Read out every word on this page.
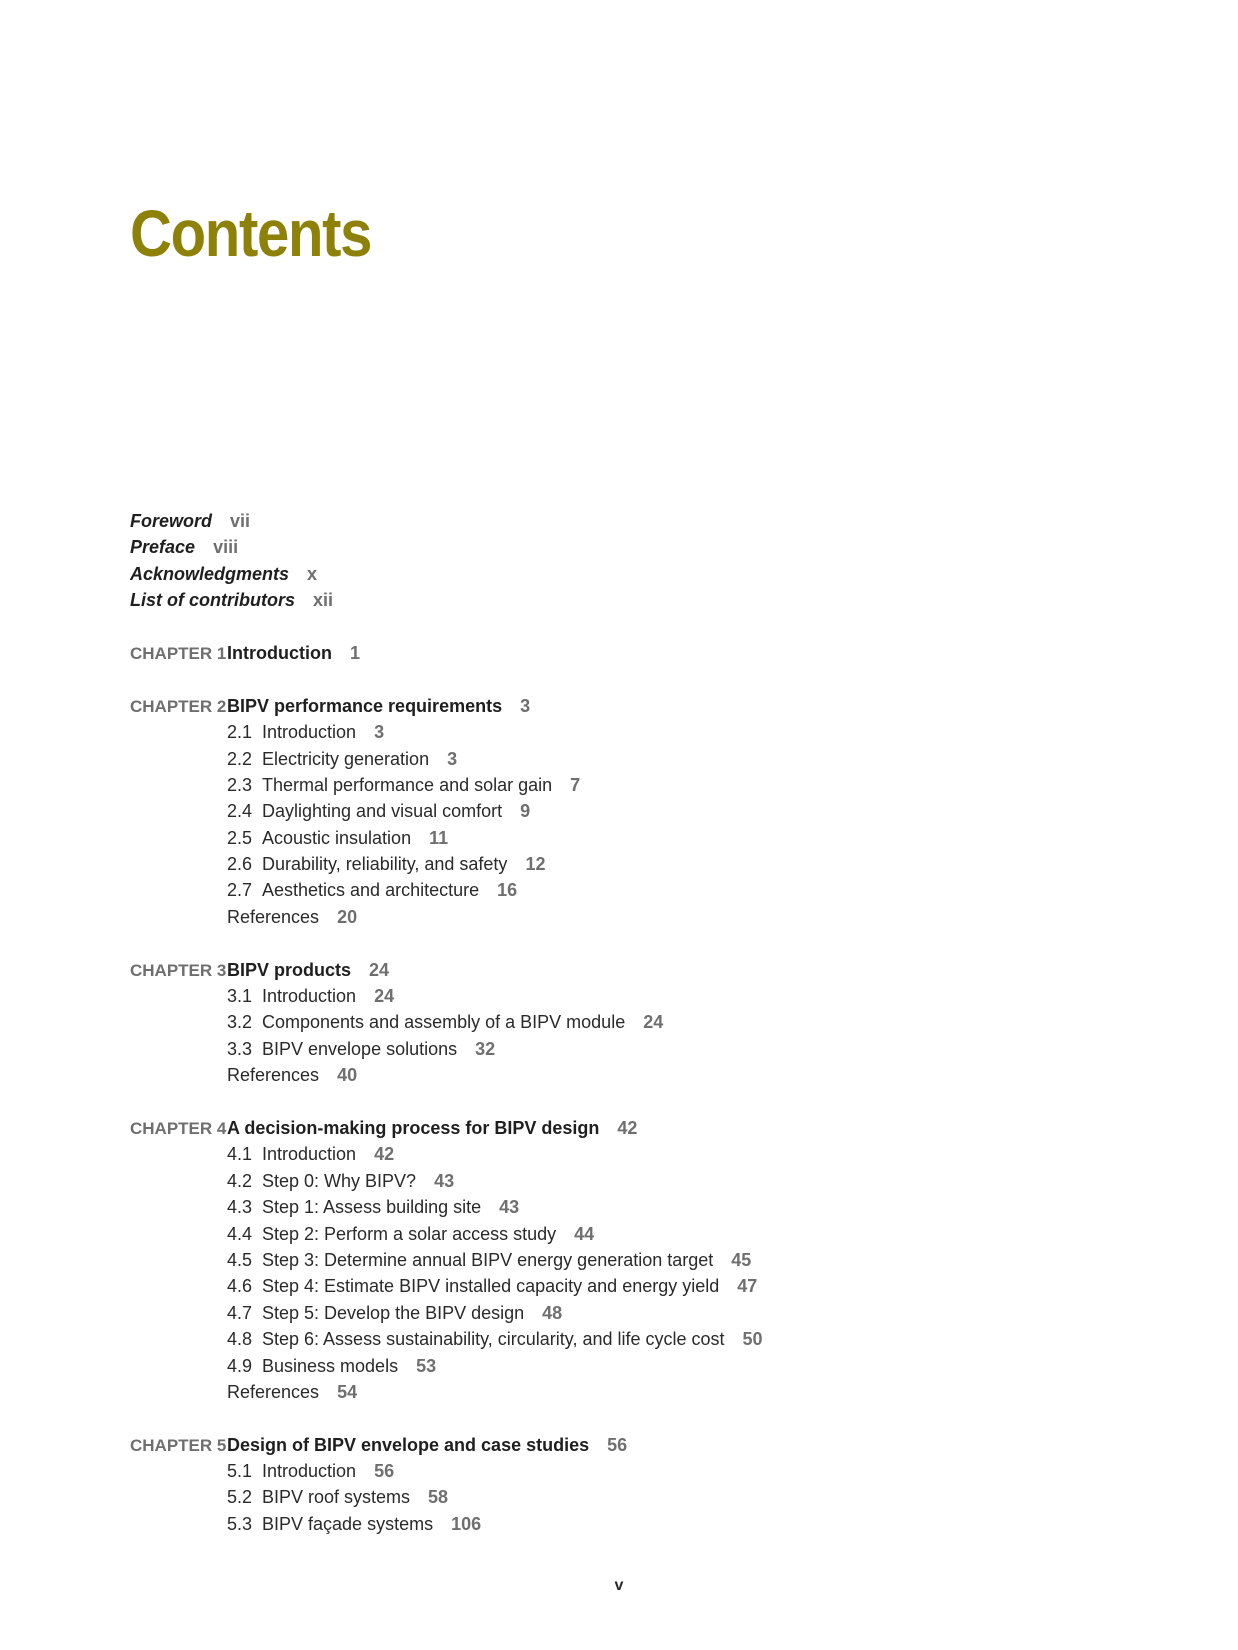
Contents
Foreword vii
Preface viii
Acknowledgments x
List of contributors xii
CHAPTER 1 Introduction 1
CHAPTER 2 BIPV performance requirements 3
2.1 Introduction 3
2.2 Electricity generation 3
2.3 Thermal performance and solar gain 7
2.4 Daylighting and visual comfort 9
2.5 Acoustic insulation 11
2.6 Durability, reliability, and safety 12
2.7 Aesthetics and architecture 16
References 20
CHAPTER 3 BIPV products 24
3.1 Introduction 24
3.2 Components and assembly of a BIPV module 24
3.3 BIPV envelope solutions 32
References 40
CHAPTER 4 A decision-making process for BIPV design 42
4.1 Introduction 42
4.2 Step 0: Why BIPV? 43
4.3 Step 1: Assess building site 43
4.4 Step 2: Perform a solar access study 44
4.5 Step 3: Determine annual BIPV energy generation target 45
4.6 Step 4: Estimate BIPV installed capacity and energy yield 47
4.7 Step 5: Develop the BIPV design 48
4.8 Step 6: Assess sustainability, circularity, and life cycle cost 50
4.9 Business models 53
References 54
CHAPTER 5 Design of BIPV envelope and case studies 56
5.1 Introduction 56
5.2 BIPV roof systems 58
5.3 BIPV façade systems 106
v
